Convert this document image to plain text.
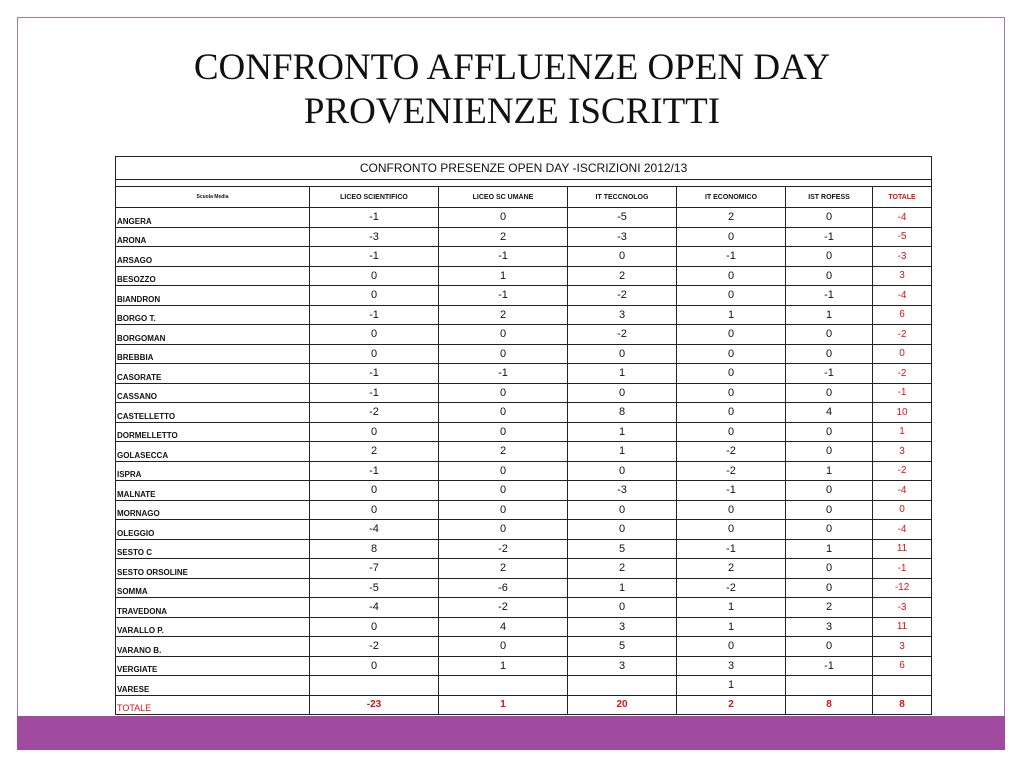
CONFRONTO AFFLUENZE OPEN DAY
PROVENIENZE ISCRITTI
CONFRONTO PRESENZE OPEN DAY -ISCRIZIONI 2012/13						

Scuola Media	LICEO SCIENTIFICO	LICEO SC UMANE	IT TECCNOLOG	IT ECONOMICO	IST ROFESS	TOTALE
ANGERA	-1	0	-5	2	0	-4
ARONA	-3	2	-3	0	-1	-5
ARSAGO	-1	-1	0	-1	0	-3
BESOZZO	0	1	2	0	0	3
BIANDRON	0	-1	-2	0	-1	-4
BORGO T.	-1	2	3	1	1	6
BORGOMAN	0	0	-2	0	0	-2
BREBBIA	0	0	0	0	0	0
CASORATE	-1	-1	1	0	-1	-2
CASSANO	-1	0	0	0	0	-1
CASTELLETTO	-2	0	8	0	4	10
DORMELLETTO	0	0	1	0	0	1
GOLASECCA	2	2	1	-2	0	3
ISPRA	-1	0	0	-2	1	-2
MALNATE	0	0	-3	-1	0	-4
MORNAGO	0	0	0	0	0	0
OLEGGIO	-4	0	0	0	0	-4
SESTO C	8	-2	5	-1	1	11
SESTO ORSOLINE	-7	2	2	2	0	-1
SOMMA	-5	-6	1	-2	0	-12
TRAVEDONA	-4	-2	0	1	2	-3
VARALLO P.	0	4	3	1	3	11
VARANO B.	-2	0	5	0	0	3
VERGIATE	0	1	3	3	-1	6
VARESE				1		
TOTALE	-23	1	20	2	8	8
